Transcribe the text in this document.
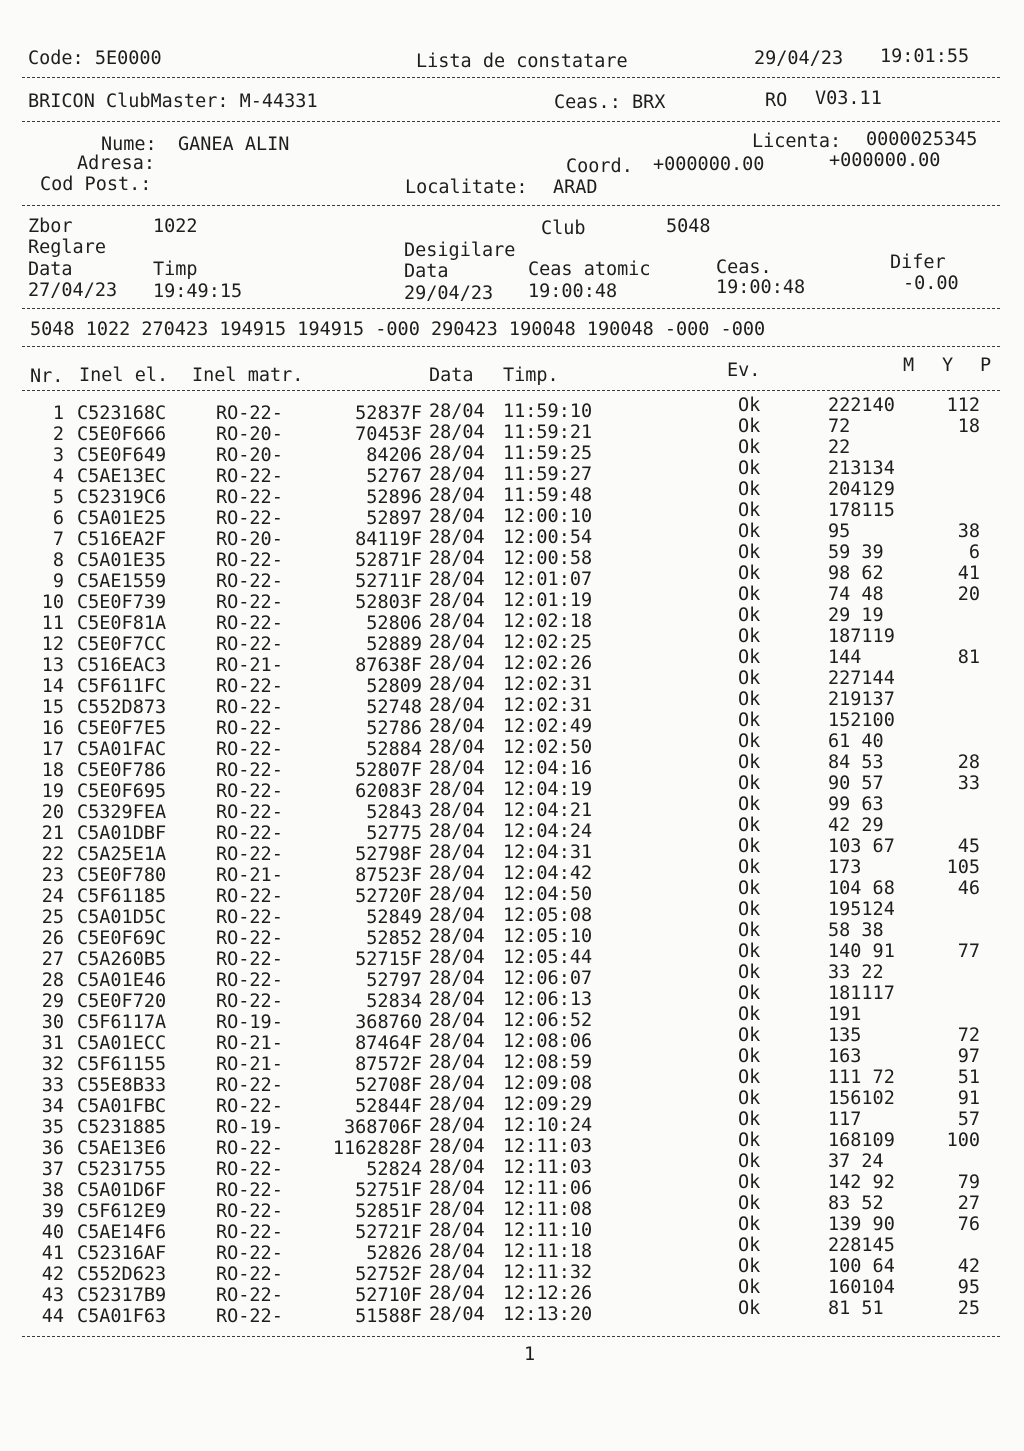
Code: 5E0000	Lista de constatare	29/04/23 19:01:55
BRICON ClubMaster: M-44331	Ceas.: BRX	RO V03.11
Nume: GANEA ALIN	Licenta: 0000025345
Adresa:	Coord. +000000.00	+000000.00
Cod Post.:	Localitate: ARAD
Zbor	1022	Club	5048
Reglare	Desigilare
Data	Timp	Data	Ceas atomic	Ceas.	Difer
27/04/23 19:49:15	29/04/23 19:00:48	19:00:48	-0.00
5048 1022 270423 194915 194915 -000 290423 190048 190048 -000 -000
Nr. Inel el. Inel matr.	Data Timp.	Ev.	M Y P
1 C523168C	RO-22-	52837F 28/04 11:59:10	Ok	222140	112
2 C5E0F666	RO-20-	70453F 28/04 11:59:21	Ok	72	18
3 C5E0F649	RO-20-	84206 28/04 11:59:25	Ok	22
4 C5AE13EC	RO-22-	52767 28/04 11:59:27	Ok	213134
5 C52319C6	RO-22-	52896 28/04 11:59:48	Ok	204129
6 C5A01E25	RO-22-	52897 28/04 12:00:10	Ok	178115
7 C516EA2F	RO-20-	84119F 28/04 12:00:54	Ok	95	38
8 C5A01E35	RO-22-	52871F 28/04 12:00:58	Ok	59 39	6
9 C5AE1559	RO-22-	52711F 28/04 12:01:07	Ok	98 62	41
10 C5E0F739	RO-22-	52803F 28/04 12:01:19	Ok	74 48	20
11 C5E0F81A	RO-22-	52806 28/04 12:02:18	Ok	29 19
12 C5E0F7CC	RO-22-	52889 28/04 12:02:25	Ok	187119
13 C516EAC3	RO-21-	87638F 28/04 12:02:26	Ok	144	81
14 C5F611FC	RO-22-	52809 28/04 12:02:31	Ok	227144
15 C552D873	RO-22-	52748 28/04 12:02:31	Ok	219137
16 C5E0F7E5	RO-22-	52786 28/04 12:02:49	Ok	152100
17 C5A01FAC	RO-22-	52884 28/04 12:02:50	Ok	61 40
18 C5E0F786	RO-22-	52807F 28/04 12:04:16	Ok	84 53	28
19 C5E0F695	RO-22-	62083F 28/04 12:04:19	Ok	90 57	33
20 C5329FEA	RO-22-	52843 28/04 12:04:21	Ok	99 63
21 C5A01DBF	RO-22-	52775 28/04 12:04:24	Ok	42 29
22 C5A25E1A	RO-22-	52798F 28/04 12:04:31	Ok	103 67	45
23 C5E0F780	RO-21-	87523F 28/04 12:04:42	Ok	173	105
24 C5F61185	RO-22-	52720F 28/04 12:04:50	Ok	104 68	46
25 C5A01D5C	RO-22-	52849 28/04 12:05:08	Ok	195124
26 C5E0F69C	RO-22-	52852 28/04 12:05:10	Ok	58 38
27 C5A260B5	RO-22-	52715F 28/04 12:05:44	Ok	140 91	77
28 C5A01E46	RO-22-	52797 28/04 12:06:07	Ok	33 22
29 C5E0F720	RO-22-	52834 28/04 12:06:13	Ok	181117
30 C5F6117A	RO-19-	368760 28/04 12:06:52	Ok	191
31 C5A01ECC	RO-21-	87464F 28/04 12:08:06	Ok	135	72
32 C5F61155	RO-21-	87572F 28/04 12:08:59	Ok	163	97
33 C55E8B33	RO-22-	52708F 28/04 12:09:08	Ok	111 72	51
34 C5A01FBC	RO-22-	52844F 28/04 12:09:29	Ok	156102	91
35 C5231885	RO-19-	368706F 28/04 12:10:24	Ok	117	57
36 C5AE13E6	RO-22-	1162828F 28/04 12:11:03	Ok	168109	100
37 C5231755	RO-22-	52824 28/04 12:11:03	Ok	37 24
38 C5A01D6F	RO-22-	52751F 28/04 12:11:06	Ok	142 92	79
39 C5F612E9	RO-22-	52851F 28/04 12:11:08	Ok	83 52	27
40 C5AE14F6	RO-22-	52721F 28/04 12:11:10	Ok	139 90	76
41 C52316AF	RO-22-	52826 28/04 12:11:18	Ok	228145
42 C552D623	RO-22-	52752F 28/04 12:11:32	Ok	100 64	42
43 C52317B9	RO-22-	52710F 28/04 12:12:26	Ok	160104	95
44 C5A01F63	RO-22-	51588F 28/04 12:13:20	Ok	81 51	25
1
